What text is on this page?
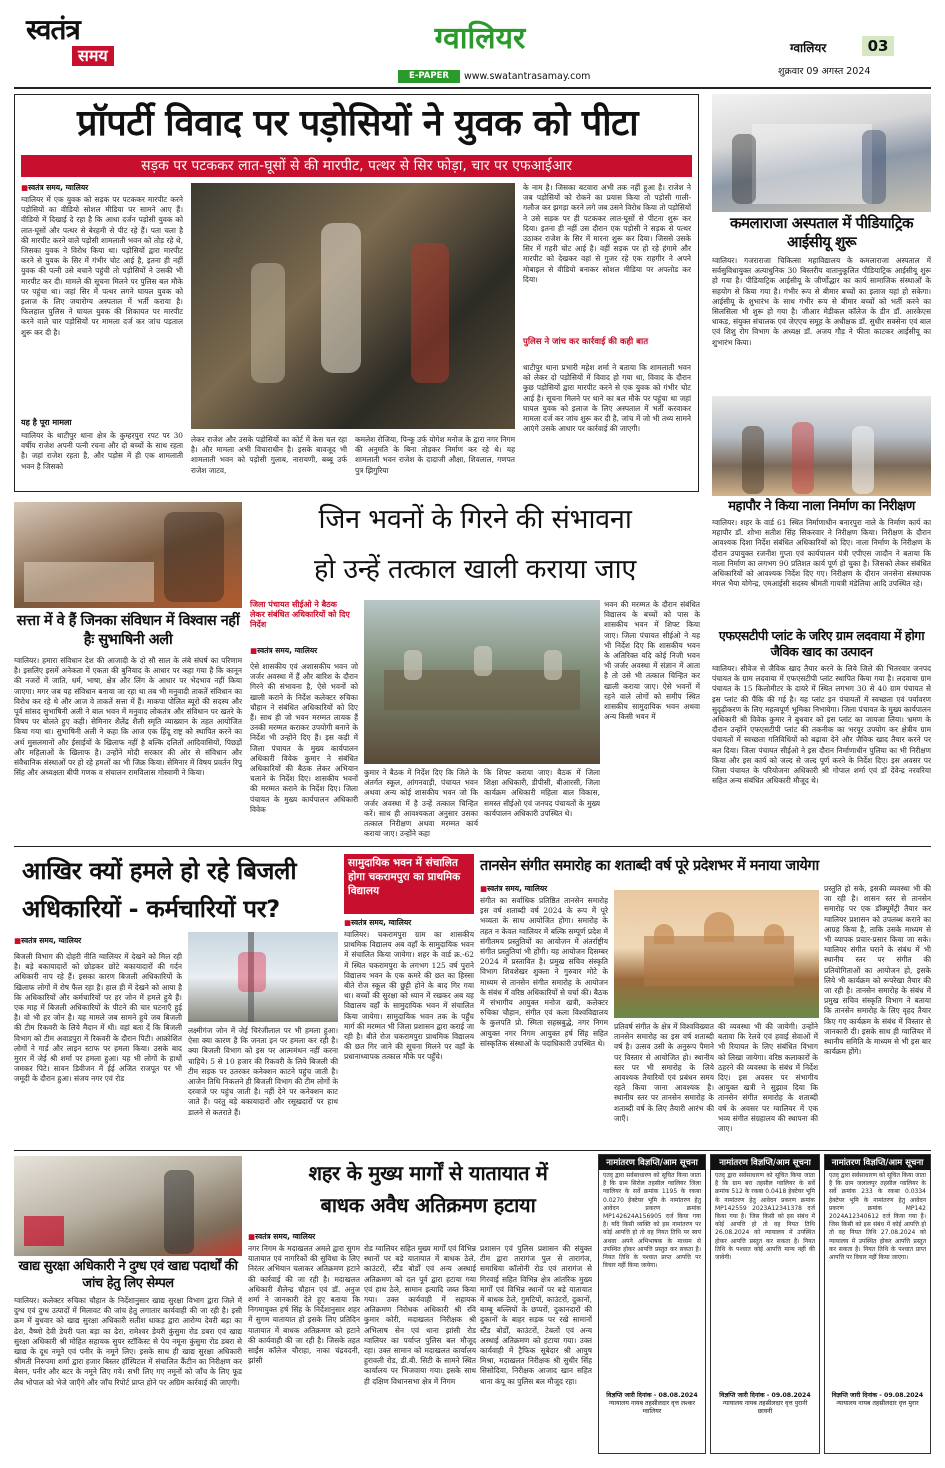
स्वतंत्र
समय	ग्वालियर
E-PAPER	www.swatantrasamay.com
ग्वालियर	03
शुक्रवार 09 अगस्त 2024
प्रॉपर्टी विवाद पर पड़ोसियों ने युवक को पीटा
सड़क पर पटककर लात-घूसों से की मारपीट, पत्थर से सिर फोड़ा, चार पर एफआईआर
■ स्वतंत्र समय, ग्वालियर
ग्वालियर में एक युवक को सड़क पर पटककर मारपीट करने पड़ोसियों का वीडियो सोशल मीडिया पर सामने आए हैं। वीडियो में दिखाई दे रहा है कि आधा दर्जन पड़ोसी युवक को लात-घूसों और पत्थर से बेरहमी से पीट रहे हैं। पता चला है की मारपीट करने वाले पड़ोसी शामलाती भवन को तोड़ रहे थे, जिसका युवक ने विरोध किया था। पड़ोसियों द्वारा मारपीट करने से युवक के सिर में गंभीर चोट आई है, इतना ही नहीं युवक की पत्नी उसे बचाने पहुंची तो पड़ोसियों ने उसकी भी मारपीट कर दी। मामले की सूचना मिलने पर पुलिस बल मौके पर पहुंचा था। जहां सिर में पत्थर लगने घायल युवक को इलाज के लिए जयारोग्य अस्पताल में भर्ती कराया है। फिलहाल पुलिस ने घायल युवक की शिकायत पर मारपीट करने वाले चार पड़ोसियों पर मामला दर्ज कर जांच पड़ताल शुरू कर दी है।
यह है पूरा मामला
ग्वालियर के थाटीपुर थाना क्षेत्र के कुम्हरपुरा रपट पर 30 वर्षीय राजेश अपनी पत्नी रचना और दो बच्चों के साथ रहता है। जहां राजेश रहता है, और पड़ोस में ही एक शामलाती भवन है जिसको
लेकर राजेश और उसके पड़ोसियों का कोर्ट में केस चल रहा है। और मामला अभी विचाराधीन है। इसके बावजूद भी शामलाती भवन को पड़ोसी गुलाब, नारायणी, बब्बू उर्फ राजेश जाटव,
कमलेश रोजिया, पिन्कू उर्फ योगेश मनोज के द्वारा नगर निगम की अनुमति के बिना तोड़कर निर्माण कर रहे थे। यह शामलाती भवन राजेश के दादाजी औक्षा, शिवलाल, गणपत पुत्र झिगुरिया
के नाम है। जिसका बटवारा अभी तक नहीं हुआ है। राजेश ने जब पड़ोसियों को रोकने का प्रयास किया तो पड़ोसी गाली-गलौज कर झगड़ा करने लगे जब उसने विरोध किया तो पड़ोसियों ने उसे सड़क पर ही पटककर लात-घूसों से पीटना शुरू कर दिया। इतना ही नहीं उस दौरान एक पड़ोसी ने सड़क से पत्थर उठाकर राजेश के सिर में मारना शुरू कर दिया। जिससे उसके सिर में गहरी चोट आई है। वहीं सड़क पर हो रहे हंगामे और मारपीट को देखकर वहां से गुजर रहे एक राहगीर ने अपने मोबाइल से वीडियो बनाकर सोशल मीडिया पर अपलोड कर दिया।
पुलिस ने जांच कर कार्रवाई की कही बात
थाटीपुर थाना प्रभारी महेश शर्मा ने बताया कि शामलाती भवन को लेकर दो पड़ोसियों में विवाद हो गया था, विवाद के दौरान कुछ पड़ोसियों द्वारा मारपीट करने से एक युवक को गंभीर चोट आई है। सूचना मिलने पर थाने का बल मौके पर पहुंचा था जहां घायल युवक को इलाज के लिए अस्पताल में भर्ती करवाकर मामला दर्ज कर जांच शुरू कर दी है, जांच में जो भी तथ्य सामने आएंगे उसके आधार पर कार्रवाई की जाएगी।
कमलाराजा अस्पताल में पीडियाट्रिक आईसीयू शुरू
ग्वालियर। गजराराजा चिकित्सा महाविद्यालय के कमलाराजा अस्पताल में सर्वसुविधायुक्त अत्याधुनिक 30 बिस्तरीय वातानुकूलित पीडियाट्रिक आईसीयू शुरू हो गया है। पीडियाट्रिक आईसीयू के जीर्णोद्धार का कार्य सामाजिक संस्थाओं के सहयोग से किया गया है। गंभीर रूप से बीमार बच्चों का इलाज यहां हो सकेगा। आईसीयू के शुभारंभ के साथ गंभीर रूप से बीमार बच्चों को भर्ती करने का सिलसिला भी शुरू हो गया है। जीआर मेडीकल कॉलेज के डीन डॉ. आरकेएस धाकड़, संयुक्त संचालक एवं जेएएच समूह के अधीक्षक डॉ. सुधीर सक्सेना एवं बाल एवं शिशु रोग विभाग के अध्यक्ष डॉ. अजय गौड़ ने फीता काटकर आईसीयू का शुभारंभ किया।
महापौर ने किया नाला निर्माण का निरीक्षण
ग्वालियर। शहर के वार्ड 61 स्थित निर्माणाधीन बनारपुरा नाले के निर्माण कार्य का महापौर डॉ. शोभा सतीश सिंह सिकरवार ने निरीक्षण किया। निरीक्षण के दौरान आवश्यक दिशा निर्देश संबंधित अधिकारियों को दिए। नाला निर्माण के निरीक्षण के दौरान उपायुक्त रजनीश गुप्ता एवं कार्यपालन यंत्री एपीएस जादौन ने बताया कि नाला निर्माण का लगभग 90 प्रतिशत कार्य पूर्ण हो चुका है। जिसको लेकर संबंधित अधिकारियों को आवश्यक निर्देश दिए गए। निरीक्षण के दौरान जनसेना संस्थापक मंगल भैया योगेन्द्र, एमआईसी सदस्य श्रीमती गायत्री मंडेलिया आदि उपस्थित रहे।
एफएसटीपी प्लांट के जरिए ग्राम लदवाया में होगा जैविक खाद का उत्पादन
ग्वालियर। सीवेज से जैविक खाद तैयार करने के लिये जिले की भितरवार जनपद पंचायत के ग्राम लदवाया में एफएसटीपी प्लांट स्थापित किया गया है। लदवाया ग्राम पंचायत के 15 किलोमीटर के दायरे में स्थित लगभग 30 से 40 ग्राम पंचायत से इस प्लांट की पैंकि की गई है। यह प्लांट इन पंचायतों में स्वच्छता एवं पर्यावरण सुदृढ़ीकरण के लिए महत्वपूर्ण भूमिका निभायेगा। जिला पंचायत के मुख्य कार्यपालन अधिकारी श्री विवेक कुमार ने बुधवार को इस प्लांट का जायजा लिया। भ्रमण के दौरान उन्होंने एफएसटीपी प्लांट की तकनीक का भरपूर उपयोग कर क्षेत्रीय ग्राम पंचायतों में स्वच्छता गतिविधियों को बढ़ावा देने और जैविक खाद तैयार करने पर बल दिया। जिला पंचायत सीईओ ने इस दौरान निर्माणाधीन पुलिया का भी निरीक्षण किया और इस कार्य को जल्द से जल्द पूर्ण करने के निर्देश दिए। इस अवसर पर जिला पंचायत के परियोजना अधिकारी श्री गोपाल शर्मा एवं डॉ देवेन्द्र नरवरिया सहित अन्य संबंधित अधिकारी मौजूद थे।
सत्ता में वे हैं जिनका संविधान में विश्वास नहीं हैः सुभाषिनी अली
ग्वालियर। हमारा संविधान देश की आजादी के दो सौ साल के लंबे संघर्ष का परिणाम है। इसलिए इसमें अनेकता में एकता की बुनियाद के आधार पर कहा गया है कि कानून की नजरों में जाति, धर्म, भाषा, क्षेत्र और लिंग के आधार पर भेदभाव नहीं किया जाएगा। मगर जब यह संविधान बनाया जा रहा था तब भी मनुवादी ताकतें संविधान का विरोध कर रहे थे और आज वे ताकतें सत्ता में हैं। माकपा पोलित ब्यूरो की सदस्य और पूर्व सांसद सुभाषिनी अली ने बाल भवन में मनुवाद लोकतंत्र और संविधान पर खतरे के विषय पर बोलते हुए कही। सेमिनार शैलेंद्र शैली स्मृति व्याख्यान के तहत आयोजित किया गया था। सुभाषिनी अली ने कहा कि आज एक हिंदू राष्ट्र को स्थापित करने का अर्थ मुसलमानों और ईसाईयों के खिलाफ नहीं है बल्कि दलितों आदिवासियों, पिछड़ों और महिलाओं के खिलाफ है। उन्होंने मोदी सरकार की ओर से संविधान और संवैधानिक संस्थाओं पर हो रहे हमलों का भी जिक्र किया। सेमिनार में विषय प्रवर्तन रिपु सिंह और अध्यक्षता बीपी गणक व संचालन रामविलास गोस्वामी ने किया।
जिन भवनों के गिरने की संभावना
हो उन्हें तत्काल खाली कराया जाए
जिला पंचायत सीईओ ने बैठक लेकर संबंधित अधिकारियों को दिए निर्देश
■ स्वतंत्र समय, ग्वालियर
ऐसे शासकीय एवं अशासकीय भवन जो जर्जर अवस्था में हैं और बारिश के दौरान गिरने की संभावना है, ऐसे भवनों को खाली कराने के निर्देश कलेक्टर रुचिका चौहान ने संबंधित अधिकारियों को दिए हैं। साथ ही जो भवन मरम्मत लायक हैं उनकी मरम्मत कराकर उपयोगी बनाने के निर्देश भी उन्होंने दिए हैं। इस कड़ी में जिला पंचायत के मुख्य कार्यपालन अधिकारी विवेक कुमार ने संबंधित अधिकारियों की बैठक लेकर अभियान चलाने के निर्देश दिए। शासकीय भवनों की मरम्मत कराने के निर्देश दिए। जिला पंचायत के मुख्य कार्यपालन अधिकारी विवेक
कुमार ने बैठक में निर्देश दिए कि जिले के अंतर्गत स्कूल, आंगनवाड़ी, पंचायत भवन अथवा अन्य कोई शासकीय भवन जो कि जर्जर अवस्था में है उन्हें तत्काल चिन्हित करें। साथ ही आवश्यकता अनुसार उसका तत्काल निरीक्षण अथवा मरम्मत कार्य कराया जाए। उन्होंने कहा
कि शिफ्ट कराया जाए। बैठक में जिला शिक्षा अधिकारी, डीपीसी, बीआरसी, जिला कार्यक्रम अधिकारी महिला बाल विकास, समस्त सीईओ एवं जनपद पंचायतों के मुख्य कार्यपालन अधिकारी उपस्थित थे।
भवन की मरम्मत के दौरान संबंधित विद्यालय के बच्चों को पास के शासकीय भवन में शिफ्ट किया जाए। जिला पंचायत सीईओ ने यह भी निर्देश दिए कि शासकीय भवन के अतिरिक्त यदि कोई निजी भवन भी जर्जर अवस्था में संज्ञान में आता है तो उसे भी तत्काल चिन्हित कर खाली कराया जाए। ऐसे भवनों में रहने वाले लोगों को समीप स्थित शासकीय सामुदायिक भवन अथवा अन्य किसी भवन में
आखिर क्यों हमले हो रहे बिजली अधिकारियों - कर्मचारियों पर?
■ स्वतंत्र समय, ग्वालियर
बिजली विभाग की दोहरी नीति ग्वालियर में देखने को मिल रही है। बड़े बकायादारों को छोड़कर छोटे बकायादारों की गर्दन अधिकारी नाप रहे हैं। इसका कारण बिजली अधिकारियों के खिलाफ लोगों में रोष फैल रहा है। हाल ही में देखने को आया है कि अधिकारियों और कर्मचारियों पर हर जोन में हमले हुये हैं। एक माह में बिजली अधिकारियों के पीटने की चार घटनाएँ हुई है। वो भी हर जोन है। यह मामले जब सामने हुये जब बिजली की टीम रिकवरी के लिये मैदान में थी। वहां बता दें कि बिजली विभाग को टीम अवाडपुरा में रिकवरी के दौरान पिटी। आक्रोशित लोगों ने गार्ड और लाइन स्टाफ पर हमला किया। उसके बाद मुरार में जेई श्री शर्मा पर हमला हुआ। यह भी लोगों के हाथों जमकर पिटे। सावन डिवीजन में ईई अजित राजपूत पर भी जमूदी के दौरान हुआ। संजय नगर एवं रोड
लक्ष्मीगंज जोन में जेई चिरंजीलाल पर भी हमला हुआ। ऐसा क्या कारण है कि जनता इन पर हमला कर रही है। क्या बिजली विभाग को इस पर आत्ममंथन नहीं करना चाहिये। 5 से 10 हजार की रिकवरी के लिये बिजली की टीम सड़क पर उतरकर कनेक्शन काटने पहुंच जाती है। आजेन तिथि निकलने ही बिजली विभाग की टीम लोगों के दरवाजे पर पहुंच जाती है। नहीं देने पर कनेक्शन काट जाते हैं। परंतु बड़े बकायादारों और रसूखदारों पर हाथ डालने से कतराते हैं।
सामुदायिक भवन में संचालित होगा चकरामपुरा का प्राथमिक विद्यालय
■ स्वतंत्र समय, ग्वालियर
ग्वालियर। चकरामपुरा ग्राम का शासकीय प्राथमिक विद्यालय अब वहाँ के सामुदायिक भवन में संचालित किया जायेगा। शहर के वार्ड क्र.-62 में स्थित चकरामपुरा के लगभग 125 वर्ष पुराने विद्यालय भवन के एक कमरे की छत का हिस्सा बीते रोज स्कूल की छुट्टी होने के बाद गिर गया था। बच्चों की सुरक्षा को ध्यान में रखकर अब यह विद्यालय वहाँ के सामुदायिक भवन में संचालित किया जायेगा। सामुदायिक भवन तक के पहुँच मार्ग की मरम्मत भी जिला प्रशासन द्वारा कराई जा रही है। बीते रोज चकरामपुरा प्राथमिक विद्यालय की छत गिर जाने की सूचना मिलने पर वहाँ के प्रधानाध्यापक तत्काल मौके पर पहुँचे।
तानसेन संगीत समारोह का शताब्दी वर्ष पूरे प्रदेशभर में मनाया जायेगा
■ स्वतंत्र समय, ग्वालियर
संगीत का सर्वाधिक प्रतिष्ठित तानसेन समारोह इस वर्ष शताब्दी वर्ष 2024 के रूप में पूरे भव्यता के साथ आयोजित होगा। समारोह के तहत न केवल ग्वालियर में बल्कि सम्पूर्ण प्रदेश में संगीतमय प्रस्तुतियों का आयोजन में अंतर्राष्ट्रीय संगीत प्रस्तुतियां भी होंगी। यह आयोजन दिसम्बर 2024 में प्रस्तावित है। प्रमुख सचिव संस्कृति विभाग शिवशेखर शुक्ला ने गुरुवार मोटे के माध्यम से तानसेन संगीत समारोह के आयोजन के संबंध में वरिष्ठ अधिकारियों से चर्चा की। बैठक में संभागीय आयुक्त मनोज खत्री, कलेक्टर रुचिका चौहान, संगीत एवं कला विश्वविद्यालय के कुलपति प्रो. स्मिता सहस्रबुद्धे, नगर निगम आयुक्त नगर निगम आयुक्त हर्ष सिंह सहित सांस्कृतिक संस्थाओं के पदाधिकारी उपस्थित थे।
प्रतिवर्ष संगीत के क्षेत्र में विश्वविख्यात तानसेन समारोह का इस वर्ष शताब्दी वर्ष है। उत्सव उसी के अनुरूप पैमाने पर विस्तार से आयोजित हो। स्थानीय स्तर पर भी समारोह के लिये आवश्यक तैयारियों एवं प्रबंधन समय रहते किया जाना आवश्यक है। स्थानीय स्तर पर तानसेन समारोह के शताब्दी वर्ष के लिए तैयारी आरंभ की जाएँ।
की व्यवस्था भी की जायेगी। उन्होंने बताया कि रेलवे एवं हवाई सेवाओं में भी रियायत के लिए संबंधित विभाग को लिखा जायेगा। वरिष्ठ कलाकारों के ठहरने की व्यवस्था के संबंध में निर्देश दिए। इस अवसर पर संभागीय आयुक्त खत्री ने सुझाव दिया कि तानसेन संगीत समारोह के शताब्दी वर्ष के अवसर पर ग्वालियर में एक भव्य संगीत संग्रहालय की स्थापना की जाए।
प्रस्तुति हो सके, इसकी व्यवस्था भी की जा रही है। शासन स्तर से तानसेन समारोह पर एक डॉक्यूमेंट्री तैयार कर ग्वालियर प्रशासन को उपलब्ध कराने का आग्रह किया है, ताकि उसके माध्यम से भी व्यापक प्रचार-प्रसार किया जा सके। ग्वालियर संगीत घराने के संबंध में भी स्थानीय स्तर पर संगीत की प्रतियोगिताओं का आयोजन हो, इसके लिये भी कार्यक्रम को रूपरेखा तैयार की जा रही है। तानसेन समारोह के संबंध में प्रमुख सचिव संस्कृति विभाग ने बताया कि तानसेन समारोह के लिए वृहद तैयार किए गए कार्यक्रम के संबंध में विस्तार से जानकारी दी। इसके साथ ही ग्वालियर में स्थानीय समिति के माध्यम से भी इस बार कार्यक्रम होंगे।
खाद्य सुरक्षा अधिकारी ने दुग्ध एवं खाद्य पदार्थों की जांच हेतु लिए सेम्पल
ग्वालियर। कलेक्टर रुचिका चौहान के निर्देशानुसार खाद्य सुरक्षा विभाग द्वारा जिले में दुग्ध एवं दुग्ध उत्पादों में मिलावट की जांच हेतु लगातार कार्यवाही की जा रही है। इसी क्रम में बुधवार को खाद्य सुरक्षा अधिकारी सतीश धाकड़ द्वारा आरोग्य देवरी बढ़ा का ढेरा, वैष्णो देवी डेयरी पता बड़ा का ढेरा, रामेश्वर डेयरी कुंसुमा रोड डबरा एवं खाद्य सुरक्षा अधिकारी श्री मोहित सहायक सुपर स्टॉकिस्ट से पेय नमूना कुंसुमा रोड डबरा से खाद्य के दूध नमूने एवं पनीर के नमूने लिए। इसके साथ ही खाद्य सुरक्षा अधिकारी श्रीमती निरुपमा शर्मा द्वारा हजार बिस्तर हॉस्पिटल में संचालित कैंटीन का निरीक्षण कर बेसन, पनीर और बटर के नमूने लिए गये। सभी लिए गए नमूनों को जाँच के लिए फूड लैब भोपाल को भेजे जाएँगे और जाँच रिपोर्ट प्राप्त होने पर अग्रिम कार्रवाई की जाएगी।
शहर के मुख्य मार्गों से यातायात में
बाधक अवैध अतिक्रमण हटाया
■ स्वतंत्र समय, ग्वालियर
नगर निगम के मदाखलत अमले द्वारा सुगम यातायात एवं नागरिकों की सुविधा के लिए निरंतर अभियान चलाकर अतिक्रमण हटाने की कार्रवाई की जा रही है। मदाखलत अधिकारी शैलेन्द्र चौहान एवं डॉ. अनुज शर्मा ने जानकारी देते हुए बताया कि निगमायुक्त हर्ष सिंह के निर्देशानुसार शहर में सुगम यातायात हो इसके लिए प्रतिदिन यातायात में बाधक अतिक्रमण को हटाने की कार्यवाही की जा रही है। जिसके तहत साईंस कॉलेज चौराहा, नाका चंद्रवदनी, झांसी
रोड ग्वालियर सहित मुख्य मार्गों एवं विभिन्न स्थानों पर बड़े यातायात में बाधक ठेले, काउंटरों, स्टैंड बोर्डों एवं अन्य अस्थाई अतिक्रमण को दल पूर्व द्वारा हटाया गया एवं हाथ ठेले, सामान इत्यादि जब्त किया गया। उक्त कार्यवाही में सहायक अतिक्रमण निरोधक अधिकारी श्री रवि कुमार कोरी, मदाखलत निरीक्षक श्री अभिलाष सेन एवं थाना झांसी रोड ग्वालियर का पर्याप्त पुलिस बल मौजूद रहा। उक्त सामान को मदाखलत कार्यालय हुरावली रोड, डी.बी. सिटी के सामने स्थित कार्यालय पर भिजवाया गया। इसके साथ ही दक्षिण विधानसभा क्षेत्र में निगम
प्रशासन एवं पुलिस प्रशासन की संयुक्त टीम द्वारा तारागंज पुल से तारागंज, समाधिया कॉलोनी रोड एवं तारागंज से गिरवाई सहित विभिन्न क्षेत्र आंतरिक मुख्य मार्गों एवं विभिन्न स्थानों पर बड़े यातायात में बाधक ठेले, गुमटियों, काउंटरों, दुकानों, बाम्बू बल्लियों के छप्परों, दुकानदारों की दुकानों के बाहर सड़क पर रखे सामानों स्टैंड बोर्डों, काउंटरों, टेबलों एवं अन्य अस्थाई अतिक्रमण को हटाया गया। उक्त कार्यवाही में ट्रैफिक सूबेदार श्री आयुष मिश्रा, मदाखलत निरीक्षक श्री सुधीर सिंह सिसोदिया, निरीक्षक आजाद खान सहित थाना कंपू का पुलिस बल मौजूद रहा।
नामांतरण विज्ञप्ति/आम सूचना
एतद् द्वारा सर्वसाधारण को सूचित किया जाता है कि ग्राम सिरोल तहसील ग्वालियर जिला ग्वालियर के सर्वे क्रमांक 1195 के रकबा 0.0270 हेक्टेयर भूमि के नामांतरण हेतु आवेदन प्रकरण क्रमांक MP142624A156905 दर्ज किया गया है। यदि किसी व्यक्ति को इस नामांतरण पर कोई आपत्ति हो तो वह नियत तिथि पर स्वयं अथवा अपने अभिभाषक के माध्यम से उपस्थित होकर आपत्ति प्रस्तुत कर सकता है। नियत तिथि के पश्चात प्राप्त आपत्ति पर विचार नहीं किया जायेगा।
विज्ञप्ति जारी दिनांक - 08.08.2024
न्यायालय नायब तहसीलदार वृत्त लश्कर ग्वालियर
नामांतरण विज्ञप्ति/आम सूचना
एतद् द्वारा सर्वसाधारण को सूचित किया जाता है कि ग्राम बरा तहसील ग्वालियर के सर्वे क्रमांक 512 के रकबा 0.0418 हेक्टेयर भूमि के नामांतरण हेतु आवेदन प्रकरण क्रमांक MP142559 2023A12341378 दर्ज किया गया है। जिस किसी को इस संबंध में कोई आपत्ति हो तो वह नियत तिथि 26.08.2024 को न्यायालय में उपस्थित होकर आपत्ति प्रस्तुत कर सकता है। नियत तिथि के पश्चात कोई आपत्ति मान्य नहीं की जावेगी।
विज्ञप्ति जारी दिनांक - 09.08.2024
न्यायालय नायब तहसीलदार वृत्त पुरानी छावनी
नामांतरण विज्ञप्ति/आम सूचना
एतद् द्वारा सर्वसाधारण को सूचित किया जाता है कि ग्राम जलालपुर तहसील ग्वालियर के सर्वे क्रमांक 233 के रकबा 0.0334 हेक्टेयर भूमि के नामांतरण हेतु आवेदन प्रकरण क्रमांक MP142 2024A12340612 दर्ज किया गया है। जिस किसी को इस संबंध में कोई आपत्ति हो तो वह नियत तिथि 27.08.2024 को न्यायालय में उपस्थित होकर आपत्ति प्रस्तुत कर सकता है। नियत तिथि के पश्चात प्राप्त आपत्ति पर विचार नहीं किया जाएगा।
विज्ञप्ति जारी दिनांक - 09.08.2024
न्यायालय नायब तहसीलदार वृत्त मुरार
